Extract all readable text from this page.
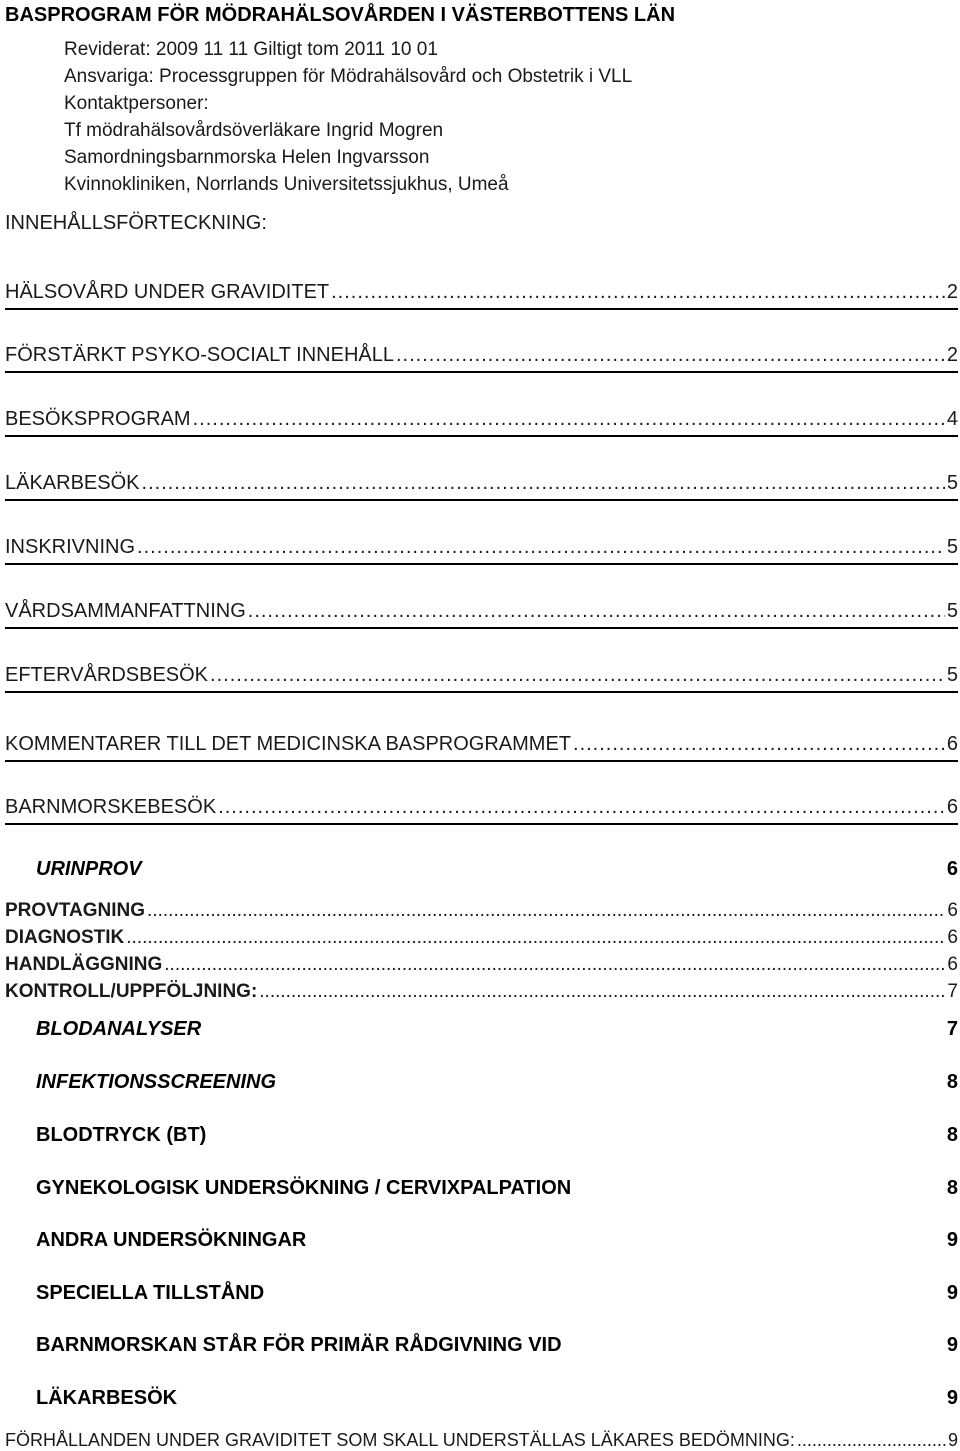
BASPROGRAM FÖR MÖDRAHÄLSOVÅRDEN I VÄSTERBOTTENS LÄN
Reviderat: 2009 11 11 Giltigt tom 2011 10 01
Ansvariga: Processgruppen för Mödrahälsovård och Obstetrik i VLL
Kontaktpersoner:
Tf mödrahälsovårdsöverläkare Ingrid Mogren
Samordningsbarnmorska Helen Ingvarsson
Kvinnokliniken, Norrlands Universitetssjukhus, Umeå
INNEHÅLLSFÖRTECKNING:
HÄLSOVÅRD UNDER GRAVIDITET .....	2
FÖRSTÄRKT PSYKO-SOCIALT INNEHÅLL .....	2
BESÖKSPROGRAM .....	4
LÄKARBESÖK .....	5
INSKRIVNING .....	5
VÅRDSAMMANFATTNING .....	5
EFTERVÅRDSBESÖK .....	5
KOMMENTARER TILL DET MEDICINSKA BASPROGRAMMET .....	6
BARNMORSKEBESÖK .....	6
URINPROV	6
PROVTAGNING .....	6
DIAGNOSTIK .....	6
HANDLÄGGNING .....	6
KONTROLL/UPPFÖLJNING: .....	7
BLODANALYSER	7
INFEKTIONSSCREENING	8
BLODTRYCK (BT)	8
GYNEKOLOGISK UNDERSÖKNING / CERVIXPALPATION	8
ANDRA UNDERSÖKNINGAR	9
SPECIELLA TILLSTÅND	9
BARNMORSKAN STÅR FÖR PRIMÄR RÅDGIVNING VID	9
LÄKARBESÖK	9
FÖRHÅLLANDEN UNDER GRAVIDITET SOM SKALL UNDERSTÄLLAS LÄKARES BEDÖMNING: .....	9
